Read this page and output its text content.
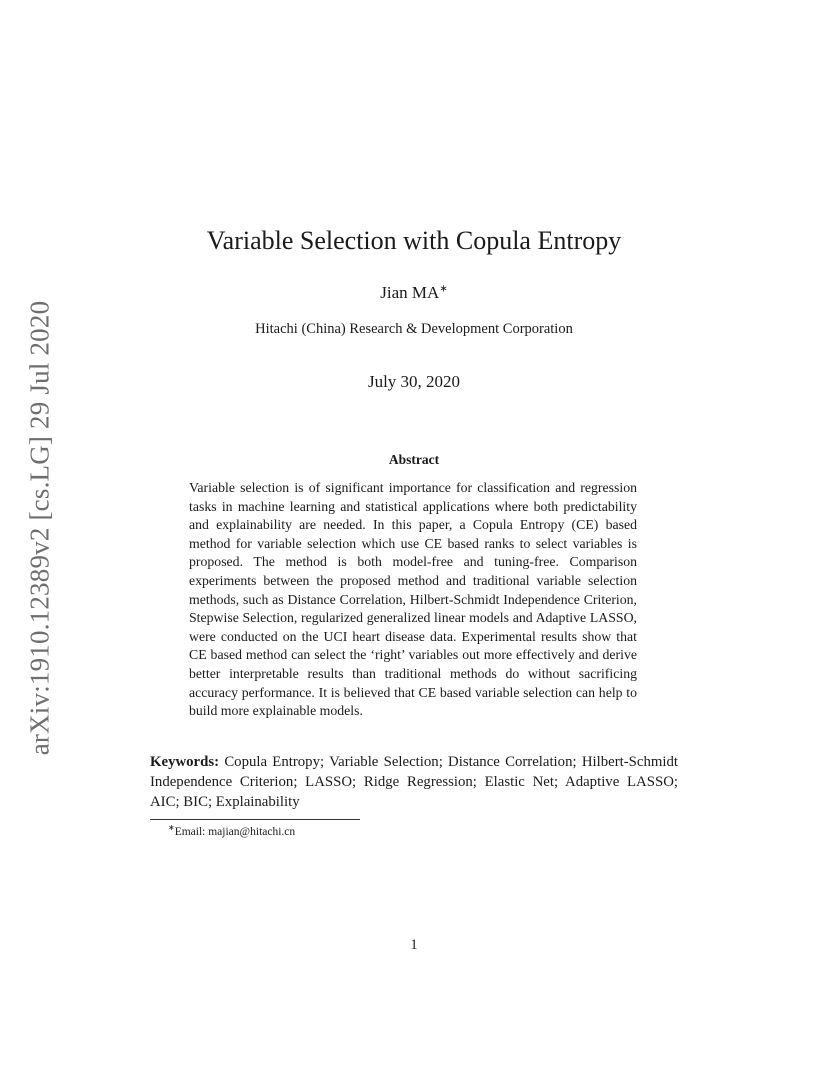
arXiv:1910.12389v2 [cs.LG] 29 Jul 2020
Variable Selection with Copula Entropy
Jian MA∗
Hitachi (China) Research & Development Corporation
July 30, 2020
Abstract
Variable selection is of significant importance for classification and regression tasks in machine learning and statistical applications where both predictability and explainability are needed. In this paper, a Copula Entropy (CE) based method for variable selection which use CE based ranks to select variables is proposed. The method is both model-free and tuning-free. Comparison experiments between the proposed method and traditional variable selection methods, such as Distance Correlation, Hilbert-Schmidt Independence Criterion, Stepwise Selection, regularized generalized linear models and Adaptive LASSO, were conducted on the UCI heart disease data. Experimental results show that CE based method can select the ‘right’ variables out more effectively and derive better interpretable results than traditional methods do without sacrificing accuracy performance. It is believed that CE based variable selection can help to build more explainable models.
Keywords: Copula Entropy; Variable Selection; Distance Correlation; Hilbert-Schmidt Independence Criterion; LASSO; Ridge Regression; Elastic Net; Adaptive LASSO; AIC; BIC; Explainability
∗Email: majian@hitachi.cn
1
